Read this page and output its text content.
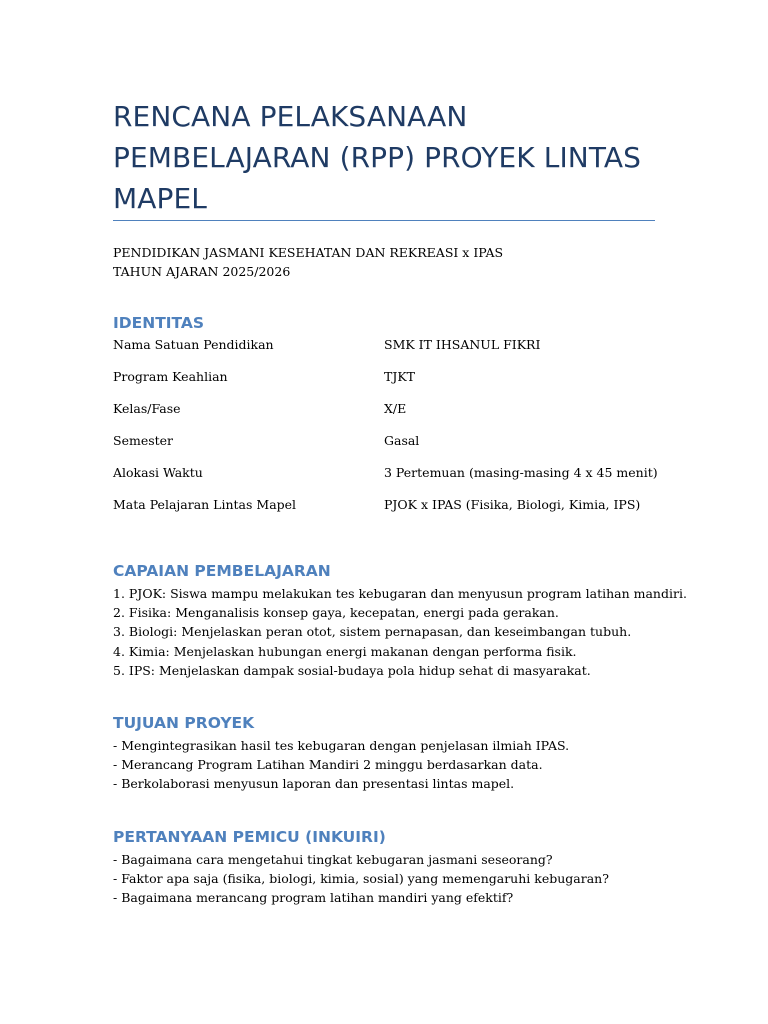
RENCANA PELAKSANAAN
PEMBELAJARAN (RPP) PROYEK LINTAS
MAPEL
PENDIDIKAN JASMANI KESEHATAN DAN REKREASI x IPAS
TAHUN AJARAN 2025/2026
IDENTITAS
Nama Satuan Pendidikan	SMK IT IHSANUL FIKRI
Program Keahlian	TJKT
Kelas/Fase	X/E
Semester	Gasal
Alokasi Waktu	3 Pertemuan (masing-masing 4 x 45 menit)
Mata Pelajaran Lintas Mapel	PJOK x IPAS (Fisika, Biologi, Kimia, IPS)
CAPAIAN PEMBELAJARAN
1. PJOK: Siswa mampu melakukan tes kebugaran dan menyusun program latihan mandiri.
2. Fisika: Menganalisis konsep gaya, kecepatan, energi pada gerakan.
3. Biologi: Menjelaskan peran otot, sistem pernapasan, dan keseimbangan tubuh.
4. Kimia: Menjelaskan hubungan energi makanan dengan performa fisik.
5. IPS: Menjelaskan dampak sosial-budaya pola hidup sehat di masyarakat.
TUJUAN PROYEK
- Mengintegrasikan hasil tes kebugaran dengan penjelasan ilmiah IPAS.
- Merancang Program Latihan Mandiri 2 minggu berdasarkan data.
- Berkolaborasi menyusun laporan dan presentasi lintas mapel.
PERTANYAAN PEMICU (INKUIRI)
- Bagaimana cara mengetahui tingkat kebugaran jasmani seseorang?
- Faktor apa saja (fisika, biologi, kimia, sosial) yang memengaruhi kebugaran?
- Bagaimana merancang program latihan mandiri yang efektif?
